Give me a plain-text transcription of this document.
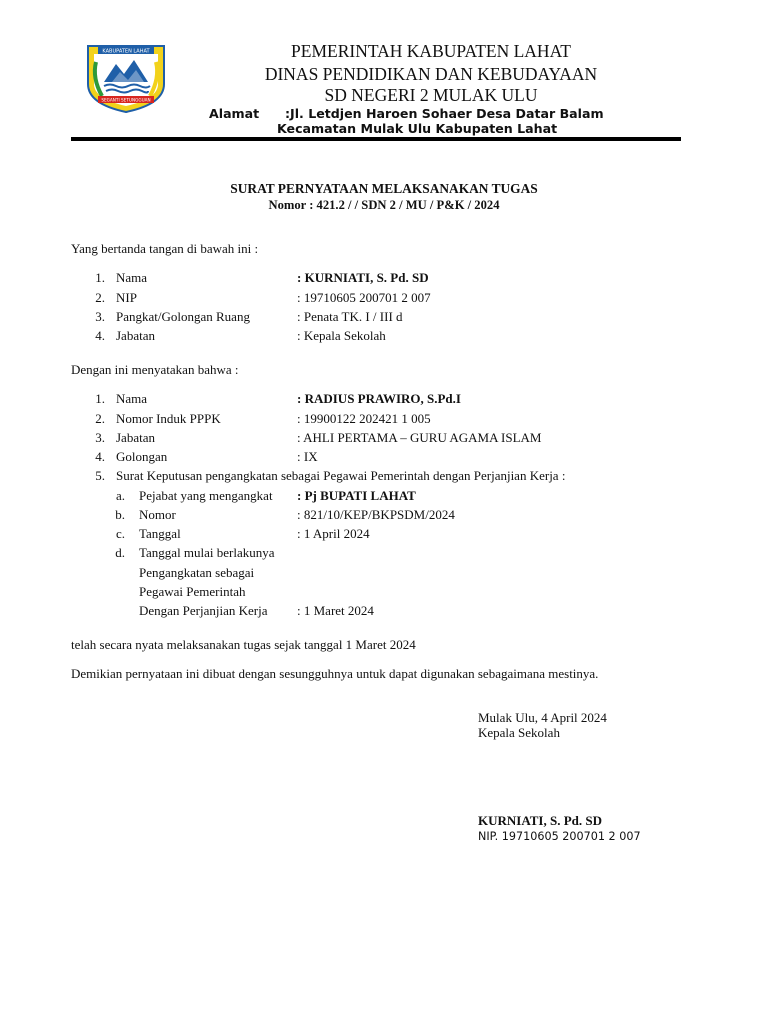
KABUPATEN LAHAT
SEGANTI SETUNGGUAN
PEMERINTAH KABUPATEN LAHAT
DINAS PENDIDIKAN DAN KEBUDAYAAN
SD NEGERI 2 MULAK ULU
Alamat :Jl. Letdjen Haroen Sohaer Desa Datar Balam
Kecamatan Mulak Ulu Kabupaten Lahat
SURAT PERNYATAAN MELAKSANAKAN TUGAS
Nomor : 421.2 / / SDN 2 / MU / P&K / 2024
Yang bertanda tangan di bawah ini :
1. Nama	: KURNIATI, S. Pd. SD
2. NIP	: 19710605 200701 2 007
3. Pangkat/Golongan Ruang	: Penata TK. I / III d
4. Jabatan	: Kepala Sekolah
Dengan ini menyatakan bahwa :
1. Nama	: RADIUS PRAWIRO, S.Pd.I
2. Nomor Induk PPPK	: 19900122 202421 1 005
3. Jabatan	: AHLI PERTAMA – GURU AGAMA ISLAM
4. Golongan	: IX
5. Surat Keputusan pengangkatan sebagai Pegawai Pemerintah dengan Perjanjian Kerja :
a. Pejabat yang mengangkat : Pj BUPATI LAHAT
b. Nomor	: 821/10/KEP/BKPSDM/2024
c. Tanggal	: 1 April 2024
d. Tanggal mulai berlakunya
Pengangkatan sebagai
Pegawai Pemerintah
Dengan Perjanjian Kerja : 1 Maret 2024
telah secara nyata melaksanakan tugas sejak tanggal 1 Maret 2024
Demikian pernyataan ini dibuat dengan sesungguhnya untuk dapat digunakan sebagaimana mestinya.
Mulak Ulu, 4 April 2024
Kepala Sekolah
KURNIATI, S. Pd. SD
NIP. 19710605 200701 2 007
